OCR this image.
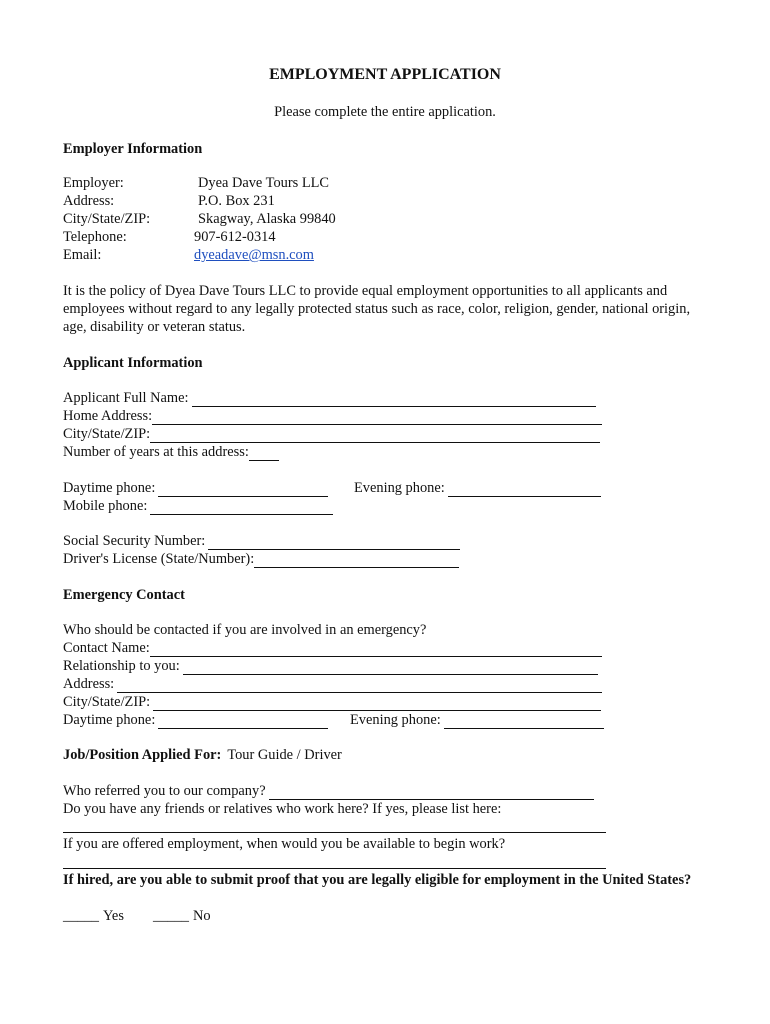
EMPLOYMENT APPLICATION
Please complete the entire application.
Employer Information
Employer:	Dyea Dave Tours LLC
Address:	P.O. Box 231
City/State/ZIP:	Skagway, Alaska 99840
Telephone:	907-612-0314
Email:	dyeadave@msn.com
It is the policy of Dyea Dave Tours LLC to provide equal employment opportunities to all applicants and employees without regard to any legally protected status such as race, color, religion, gender, national origin, age, disability or veteran status.
Applicant Information
Applicant Full Name:
Home Address:
City/State/ZIP:
Number of years at this address:
Daytime phone:	Evening phone:
Mobile phone:
Social Security Number:
Driver's License (State/Number):
Emergency Contact
Who should be contacted if you are involved in an emergency?
Contact Name:
Relationship to you:
Address:
City/State/ZIP:
Daytime phone:	Evening phone:
Job/Position Applied For: Tour Guide / Driver
Who referred you to our company?
Do you have any friends or relatives who work here? If yes, please list here:
If you are offered employment, when would you be available to begin work?
If hired, are you able to submit proof that you are legally eligible for employment in the United States?
_____ Yes _____ No
